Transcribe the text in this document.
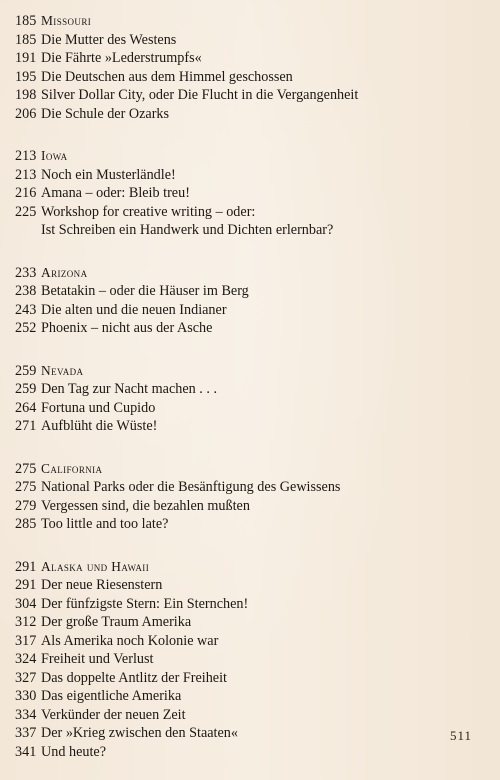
185 Missouri
185 Die Mutter des Westens
191 Die Fährte »Lederstrumpfs«
195 Die Deutschen aus dem Himmel geschossen
198 Silver Dollar City, oder Die Flucht in die Vergangenheit
206 Die Schule der Ozarks
213 Iowa
213 Noch ein Musterländle!
216 Amana – oder: Bleib treu!
225 Workshop for creative writing – oder:
Ist Schreiben ein Handwerk und Dichten erlernbar?
233 Arizona
238 Betatakin – oder die Häuser im Berg
243 Die alten und die neuen Indianer
252 Phoenix – nicht aus der Asche
259 Nevada
259 Den Tag zur Nacht machen . . .
264 Fortuna und Cupido
271 Aufblüht die Wüste!
275 California
275 National Parks oder die Besänftigung des Gewissens
279 Vergessen sind, die bezahlen mußten
285 Too little and too late?
291 Alaska und Hawaii
291 Der neue Riesenstern
304 Der fünfzigste Stern: Ein Sternchen!
312 Der große Traum Amerika
317 Als Amerika noch Kolonie war
324 Freiheit und Verlust
327 Das doppelte Antlitz der Freiheit
330 Das eigentliche Amerika
334 Verkünder der neuen Zeit
337 Der »Krieg zwischen den Staaten«
341 Und heute?
511
